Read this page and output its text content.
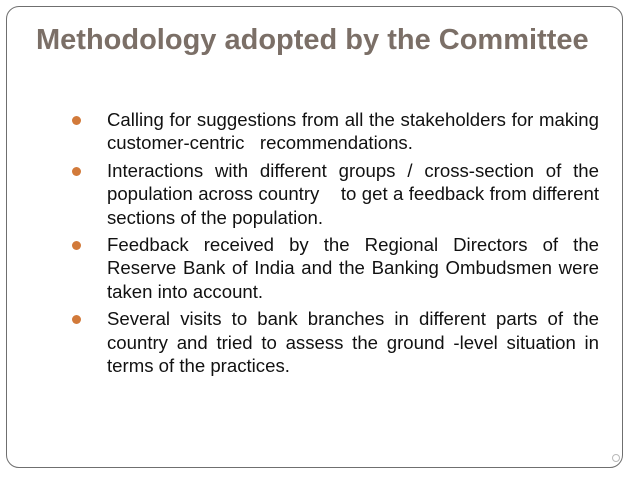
Methodology adopted by the Committee
Calling for suggestions from all the stakeholders for making customer-centric   recommendations.
Interactions with different groups / cross-section of the population across country    to get a feedback from different sections of the population.
Feedback received by the Regional Directors of the Reserve Bank of India and the Banking Ombudsmen were taken into account.
Several visits to bank branches in different parts of the country and tried to assess the ground -level situation in terms of the practices.
